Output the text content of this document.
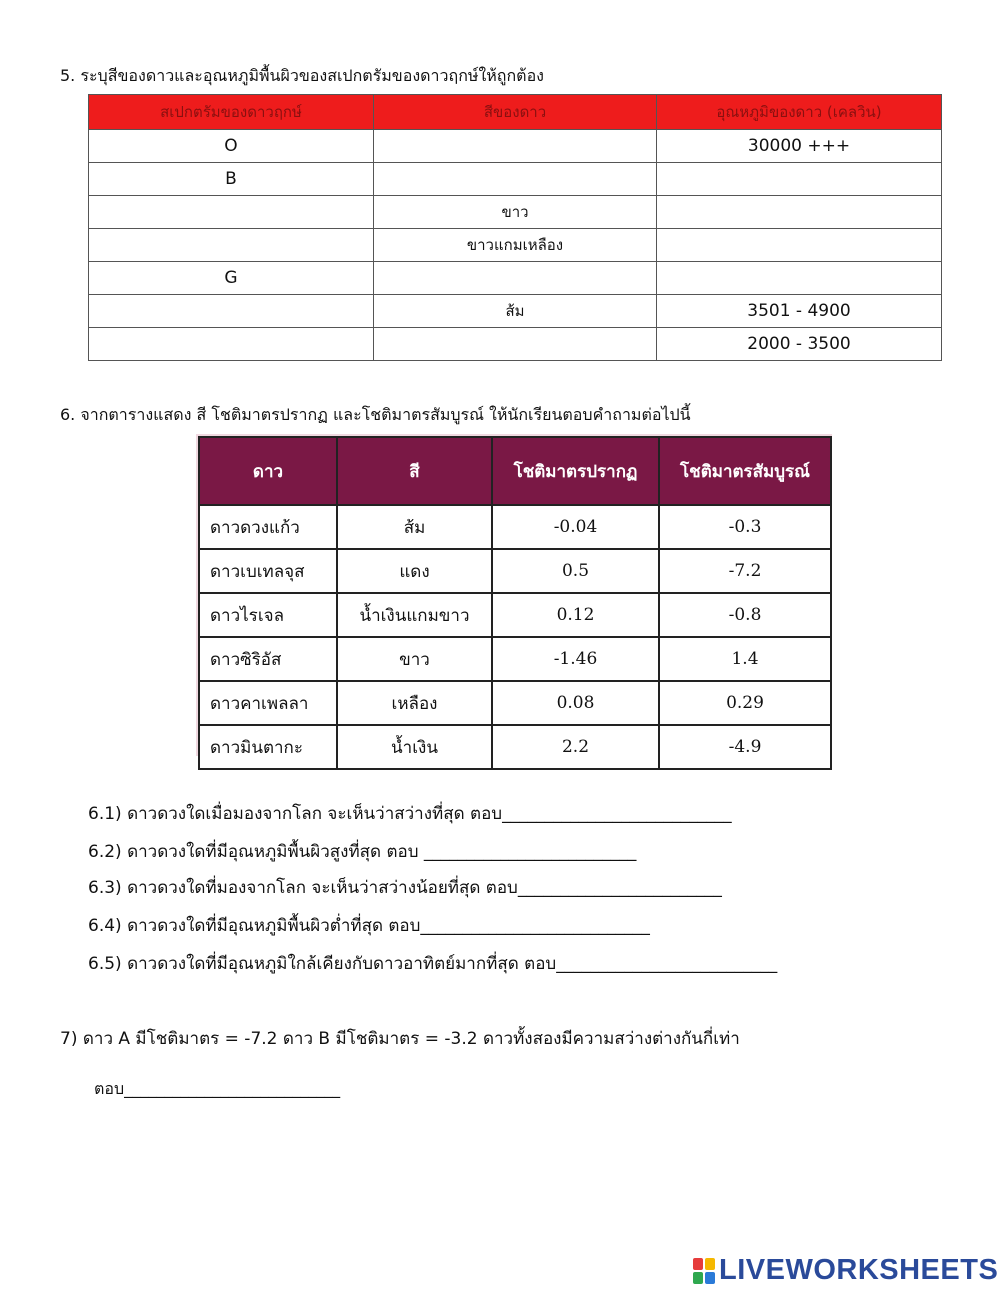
5. ระบุสีของดาวและอุณหภูมิพื้นผิวของสเปกตรัมของดาวฤกษ์ให้ถูกต้อง
สเปกตรัมของดาวฤกษ์	สีของดาว	อุณหภูมิของดาว (เคลวิน)
O		30000 +++
B		
	ขาว	
	ขาวแกมเหลือง	
G		
	ส้ม	3501 - 4900
		2000 - 3500
6. จากตารางแสดง สี โชติมาตรปรากฏ และโชติมาตรสัมบูรณ์ ให้นักเรียนตอบคำถามต่อไปนี้
ดาว	สี	โชติมาตรปรากฏ	โชติมาตรสัมบูรณ์
ดาวดวงแก้ว	ส้ม	-0.04	-0.3
ดาวเบเทลจุส	แดง	0.5	-7.2
ดาวไรเจล	น้ำเงินแกมขาว	0.12	-0.8
ดาวซิริอัส	ขาว	-1.46	1.4
ดาวคาเพลลา	เหลือง	0.08	0.29
ดาวมินตากะ	น้ำเงิน	2.2	-4.9
6.1) ดาวดวงใดเมื่อมองจากโลก จะเห็นว่าสว่างที่สุด ตอบ___________________________
6.2) ดาวดวงใดที่มีอุณหภูมิพื้นผิวสูงที่สุด ตอบ _________________________
6.3) ดาวดวงใดที่มองจากโลก จะเห็นว่าสว่างน้อยที่สุด ตอบ________________________
6.4) ดาวดวงใดที่มีอุณหภูมิพื้นผิวต่ำที่สุด ตอบ___________________________
6.5) ดาวดวงใดที่มีอุณหภูมิใกล้เคียงกับดาวอาทิตย์มากที่สุด ตอบ__________________________
7) ดาว A มีโชติมาตร = -7.2 ดาว B มีโชติมาตร = -3.2 ดาวทั้งสองมีความสว่างต่างกันกี่เท่า
ตอบ___________________________
LIVEWORKSHEETS
